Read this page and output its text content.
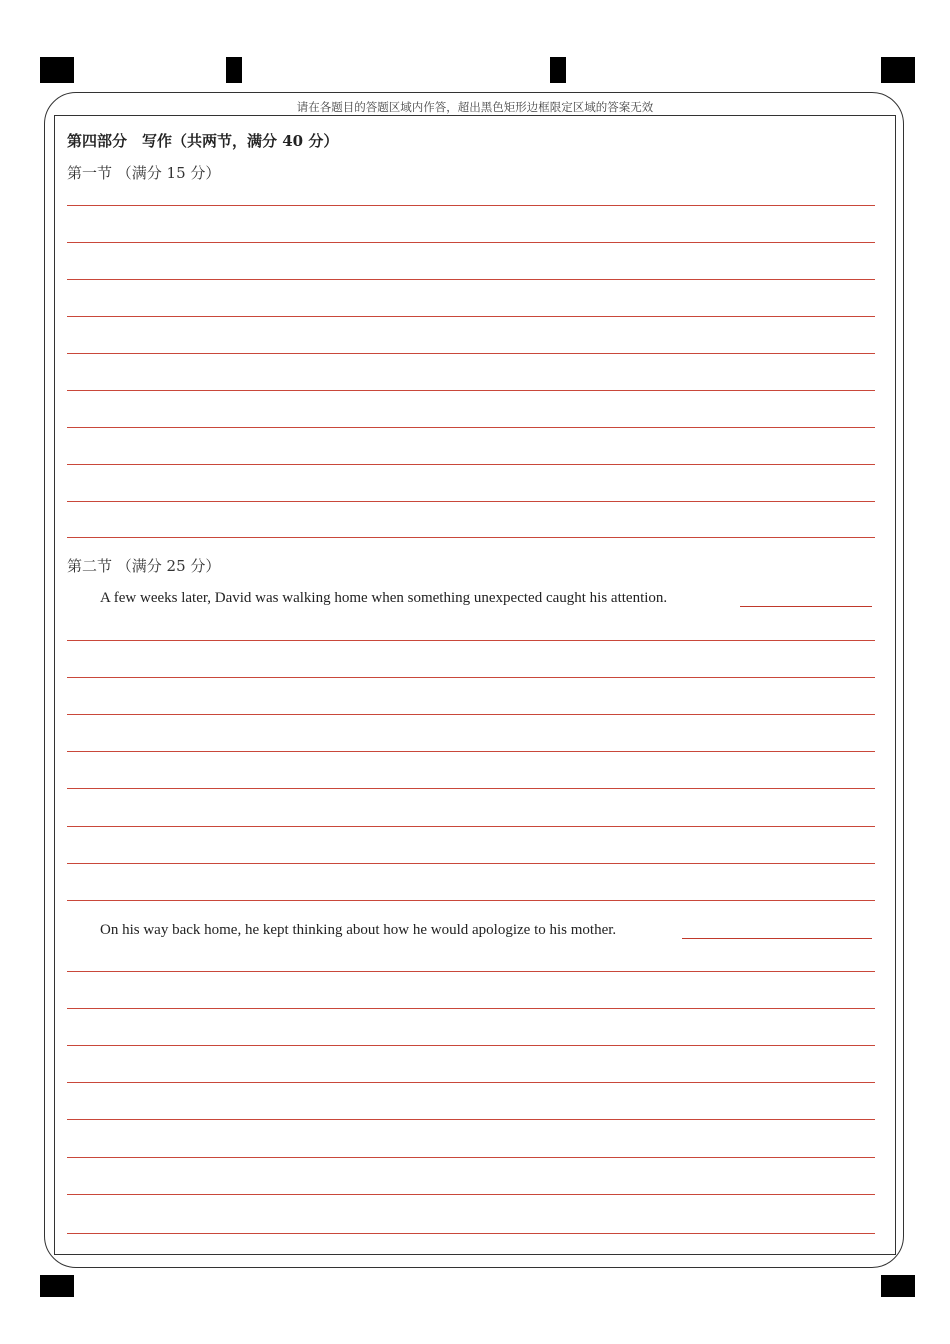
请在各题目的答题区域内作答，超出黑色矩形边框限定区域的答案无效
第四部分　写作（共两节，满分 40 分）
第一节 （满分 15 分）
第二节 （满分 25 分）
A few weeks later, David was walking home when something unexpected caught his attention.
On his way back home, he kept thinking about how he would apologize to his mother.
